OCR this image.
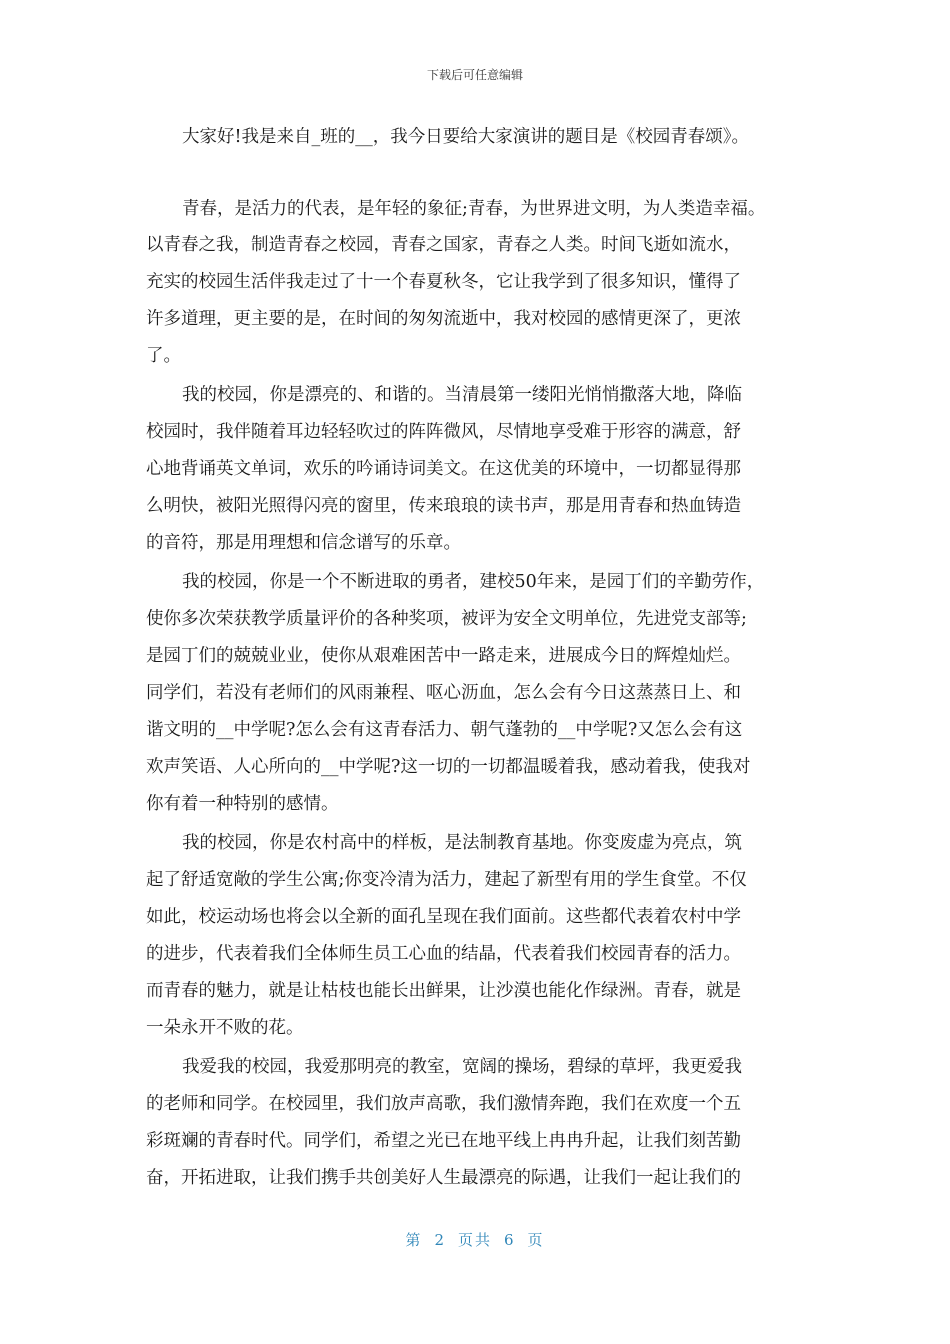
下载后可任意编辑

大家好!我是来自_班的__，我今日要给大家演讲的题目是《校园青春颂》。

青春，是活力的代表，是年轻的象征;青春，为世界进文明，为人类造幸福。

以青春之我，制造青春之校园，青春之国家，青春之人类。时间飞逝如流水，

充实的校园生活伴我走过了十一个春夏秋冬，它让我学到了很多知识，懂得了

许多道理，更主要的是，在时间的匆匆流逝中，我对校园的感情更深了，更浓

了。

我的校园，你是漂亮的、和谐的。当清晨第一缕阳光悄悄撒落大地，降临

校园时，我伴随着耳边轻轻吹过的阵阵微风，尽情地享受难于形容的满意，舒

心地背诵英文单词，欢乐的吟诵诗词美文。在这优美的环境中，一切都显得那

么明快，被阳光照得闪亮的窗里，传来琅琅的读书声，那是用青春和热血铸造

的音符，那是用理想和信念谱写的乐章。

我的校园，你是一个不断进取的勇者，建校50年来，是园丁们的辛勤劳作，

使你多次荣获教学质量评价的各种奖项，被评为安全文明单位，先进党支部等;

是园丁们的兢兢业业，使你从艰难困苦中一路走来，进展成今日的辉煌灿烂。

同学们，若没有老师们的风雨兼程、呕心沥血，怎么会有今日这蒸蒸日上、和

谐文明的__中学呢?怎么会有这青春活力、朝气蓬勃的__中学呢?又怎么会有这

欢声笑语、人心所向的__中学呢?这一切的一切都温暖着我，感动着我，使我对

你有着一种特别的感情。

我的校园，你是农村高中的样板，是法制教育基地。你变废虚为亮点，筑

起了舒适宽敞的学生公寓;你变冷清为活力，建起了新型有用的学生食堂。不仅

如此，校运动场也将会以全新的面孔呈现在我们面前。这些都代表着农村中学

的进步，代表着我们全体师生员工心血的结晶，代表着我们校园青春的活力。

而青春的魅力，就是让枯枝也能长出鲜果，让沙漠也能化作绿洲。青春，就是

一朵永开不败的花。

我爱我的校园，我爱那明亮的教室，宽阔的操场，碧绿的草坪，我更爱我

的老师和同学。在校园里，我们放声高歌，我们激情奔跑，我们在欢度一个五

彩斑斓的青春时代。同学们，希望之光已在地平线上冉冉升起，让我们刻苦勤

奋，开拓进取，让我们携手共创美好人生最漂亮的际遇，让我们一起让我们的

第 2 页共 6 页
